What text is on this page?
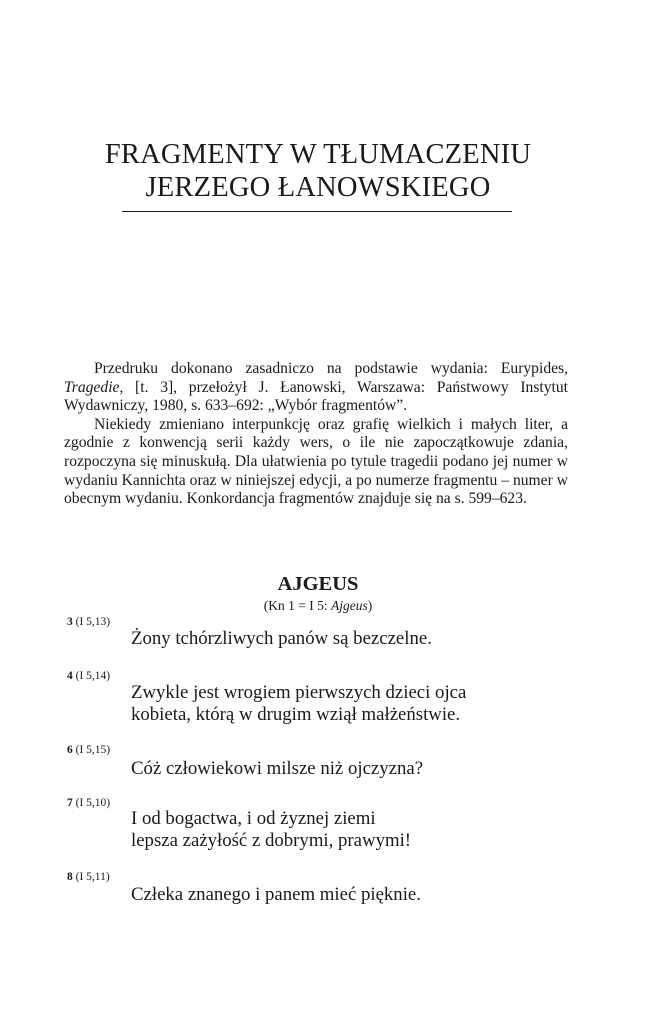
FRAGMENTY W TŁUMACZENIU
JERZEGO ŁANOWSKIEGO

Przedruku dokonano zasadniczo na podstawie wydania: Eurypides, Tragedie, [t. 3], przełożył J. Łanowski, Warszawa: Państwowy Instytut Wydawniczy, 1980, s. 633–692: „Wybór fragmentów”.

Niekiedy zmieniano interpunkcję oraz grafię wielkich i małych liter, a zgodnie z konwencją serii każdy wers, o ile nie zapoczątkowuje zdania, rozpoczyna się minuskułą. Dla ułatwienia po tytule tragedii podano jej numer w wydaniu Kannichta oraz w niniejszej edycji, a po numerze fragmentu – numer w obecnym wydaniu. Konkordancja fragmentów znajduje się na s. 599–623.

AJGEUS
(Kn 1 = I 5: Ajgeus)
3 (I 5,13)
Żony tchórzliwych panów są bezczelne.
4 (I 5,14)
Zwykle jest wrogiem pierwszych dzieci ojca
kobieta, którą w drugim wziął małżeństwie.
6 (I 5,15)
Cóż człowiekowi milsze niż ojczyzna?
7 (I 5,10)
I od bogactwa, i od żyznej ziemi
lepsza zażyłość z dobrymi, prawymi!
8 (I 5,11)
Człeka znanego i panem mieć pięknie.
